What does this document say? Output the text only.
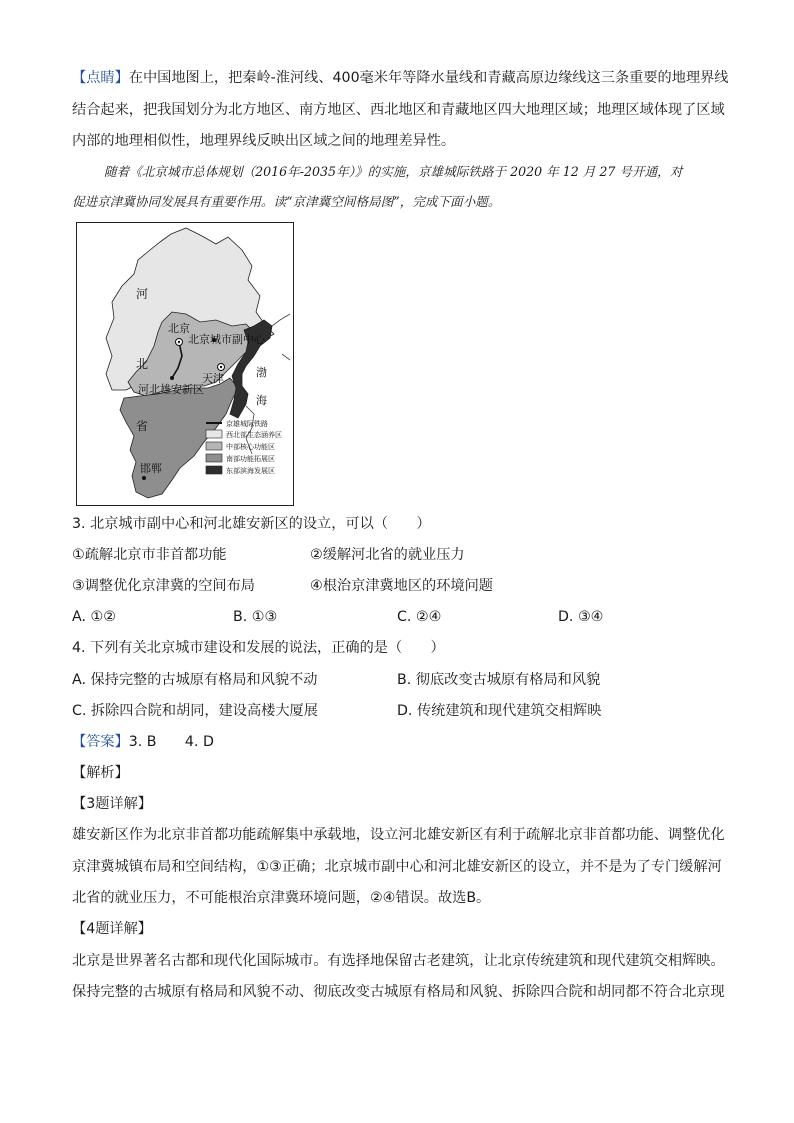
【点睛】在中国地图上，把秦岭-淮河线、400毫米年等降水量线和青藏高原边缘线这三条重要的地理界线
结合起来，把我国划分为北方地区、南方地区、西北地区和青藏地区四大地理区域；地理区域体现了区域
内部的地理相似性，地理界线反映出区域之间的地理差异性。
随着《北京城市总体规划（2016年-2035年）》的实施，京雄城际铁路于 2020 年 12 月 27 号开通，对
促进京津冀协同发展具有重要作用。读“京津冀空间格局图”，完成下面小题。
河
北
省
北京
北京城市副中心
天津
河北雄安新区
渤
海
邯郸
京雄城际铁路
西北部生态涵养区
中部核心功能区
南部功能拓展区
东部滨海发展区
3. 北京城市副中心和河北雄安新区的设立，可以（　　）
①疏解北京市非首都功能	②缓解河北省的就业压力
③调整优化京津冀的空间布局	④根治京津冀地区的环境问题
A. ①②	B. ①③	C. ②④	D. ③④
4. 下列有关北京城市建设和发展的说法，正确的是（　　）
A. 保持完整的古城原有格局和风貌不动	B. 彻底改变古城原有格局和风貌
C. 拆除四合院和胡同，建设高楼大厦展	D. 传统建筑和现代建筑交相辉映
【答案】3. B　　4. D
【解析】
【3题详解】
雄安新区作为北京非首都功能疏解集中承载地，设立河北雄安新区有利于疏解北京非首都功能、调整优化
京津冀城镇布局和空间结构，①③正确；北京城市副中心和河北雄安新区的设立，并不是为了专门缓解河
北省的就业压力，不可能根治京津冀环境问题，②④错误。故选B。
【4题详解】
北京是世界著名古都和现代化国际城市。有选择地保留古老建筑，让北京传统建筑和现代建筑交相辉映。
保持完整的古城原有格局和风貌不动、彻底改变古城原有格局和风貌、拆除四合院和胡同都不符合北京现
